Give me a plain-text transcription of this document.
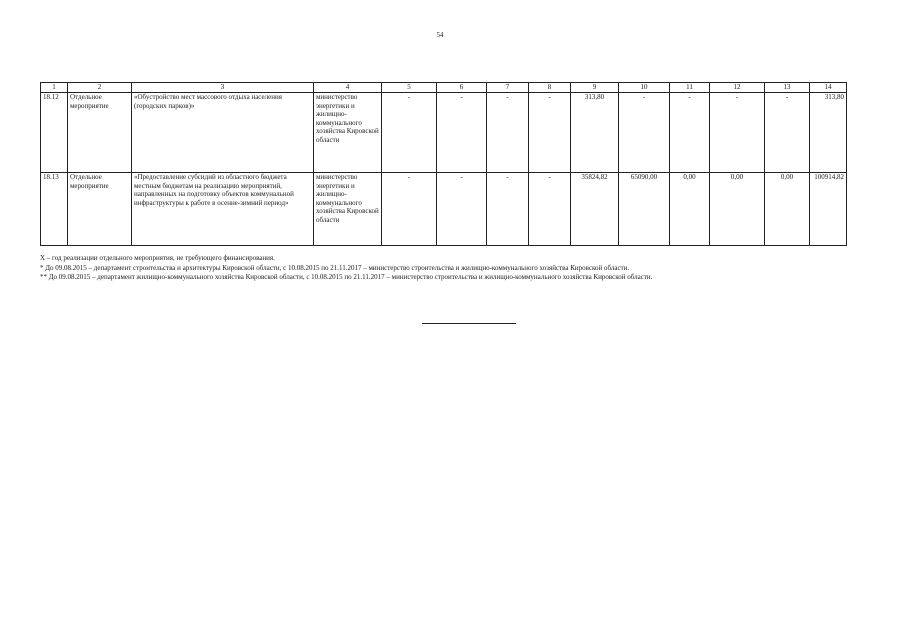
54
1	2	3	4	5	6	7	8	9	10	11	12	13	14
18.12	Отдельное мероприятие	«Обустройство мест массового отдыха населения (городских парков)»	министерство энергетики и жилищно-коммунального хозяйства Кировской области	-	-	-	-	313,80	-	-	-	-	313,80
18.13	Отдельное мероприятие	«Предоставление субсидий из областного бюджета местным бюджетам на реализацию мероприятий, направленных на подготовку объектов коммунальной инфраструктуры к работе в осенне-зимний период»	министерство энергетики и жилищно-коммунального хозяйства Кировской области	-	-	-	-	35824,82	65090,00	0,00	0,00	0,00	100914,82

Х – год реализации отдельного мероприятия, не требующего финансирования.

* До 09.08.2015 – департамент строительства и архитектуры Кировской области, с 10.08.2015 по 21.11.2017 – министерство строительства и жилищно-коммунального хозяйства Кировской области.

** До 09.08.2015 – департамент жилищно-коммунального хозяйства Кировской области, с 10.08.2015 по 21.11.2017 – министерство строительства и жилищно-коммунального хозяйства Кировской области.
